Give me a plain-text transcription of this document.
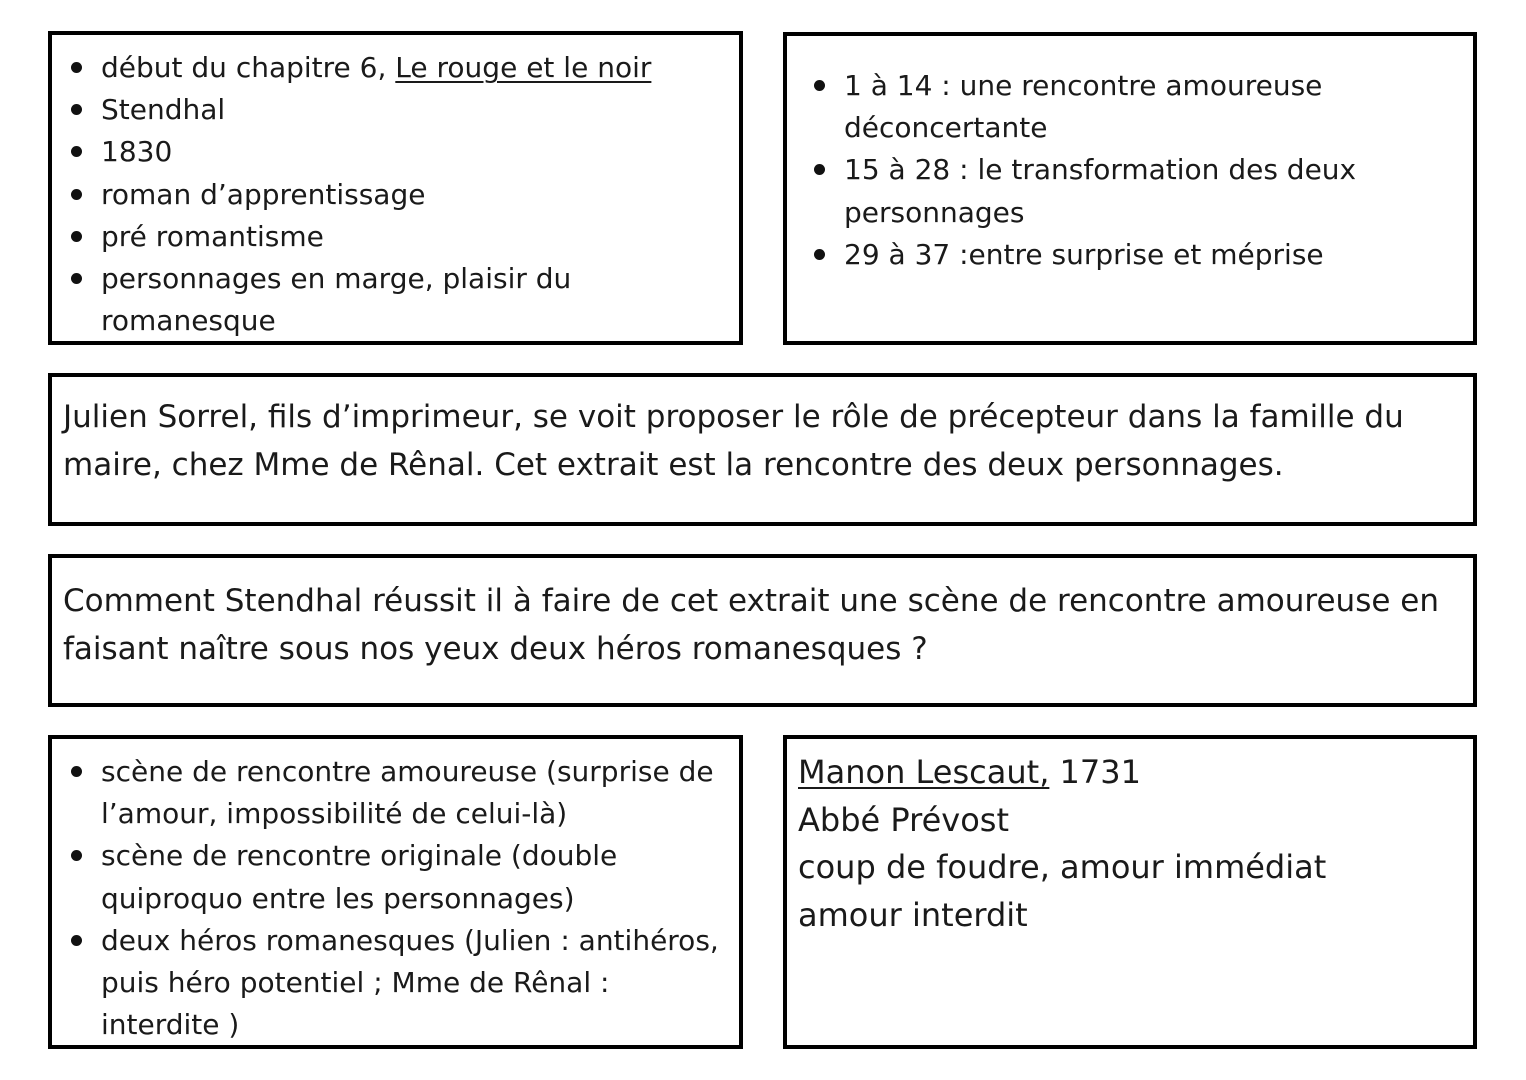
début du chapitre 6, Le rouge et le noir
Stendhal
1830
roman d’apprentissage
pré romantisme
personnages en marge, plaisir du romanesque
1 à 14 : une rencontre amoureuse déconcertante
15 à 28 : le transformation des deux personnages
29 à 37 :entre surprise et méprise

Julien Sorrel, fils d’imprimeur, se voit proposer le rôle de précepteur dans la famille du maire, chez Mme de Rênal. Cet extrait est la rencontre des deux personnages.

Comment Stendhal réussit il à faire de cet extrait une scène de rencontre amoureuse en faisant naître sous nos yeux deux héros romanesques ?

scène de rencontre amoureuse (surprise de l’amour, impossibilité de celui-là)
scène de rencontre originale (double quiproquo entre les personnages)
deux héros romanesques (Julien : antihéros, puis héro potentiel ; Mme de Rênal : interdite )
Manon Lescaut, 1731
Abbé Prévost
coup de foudre, amour immédiat
amour interdit
